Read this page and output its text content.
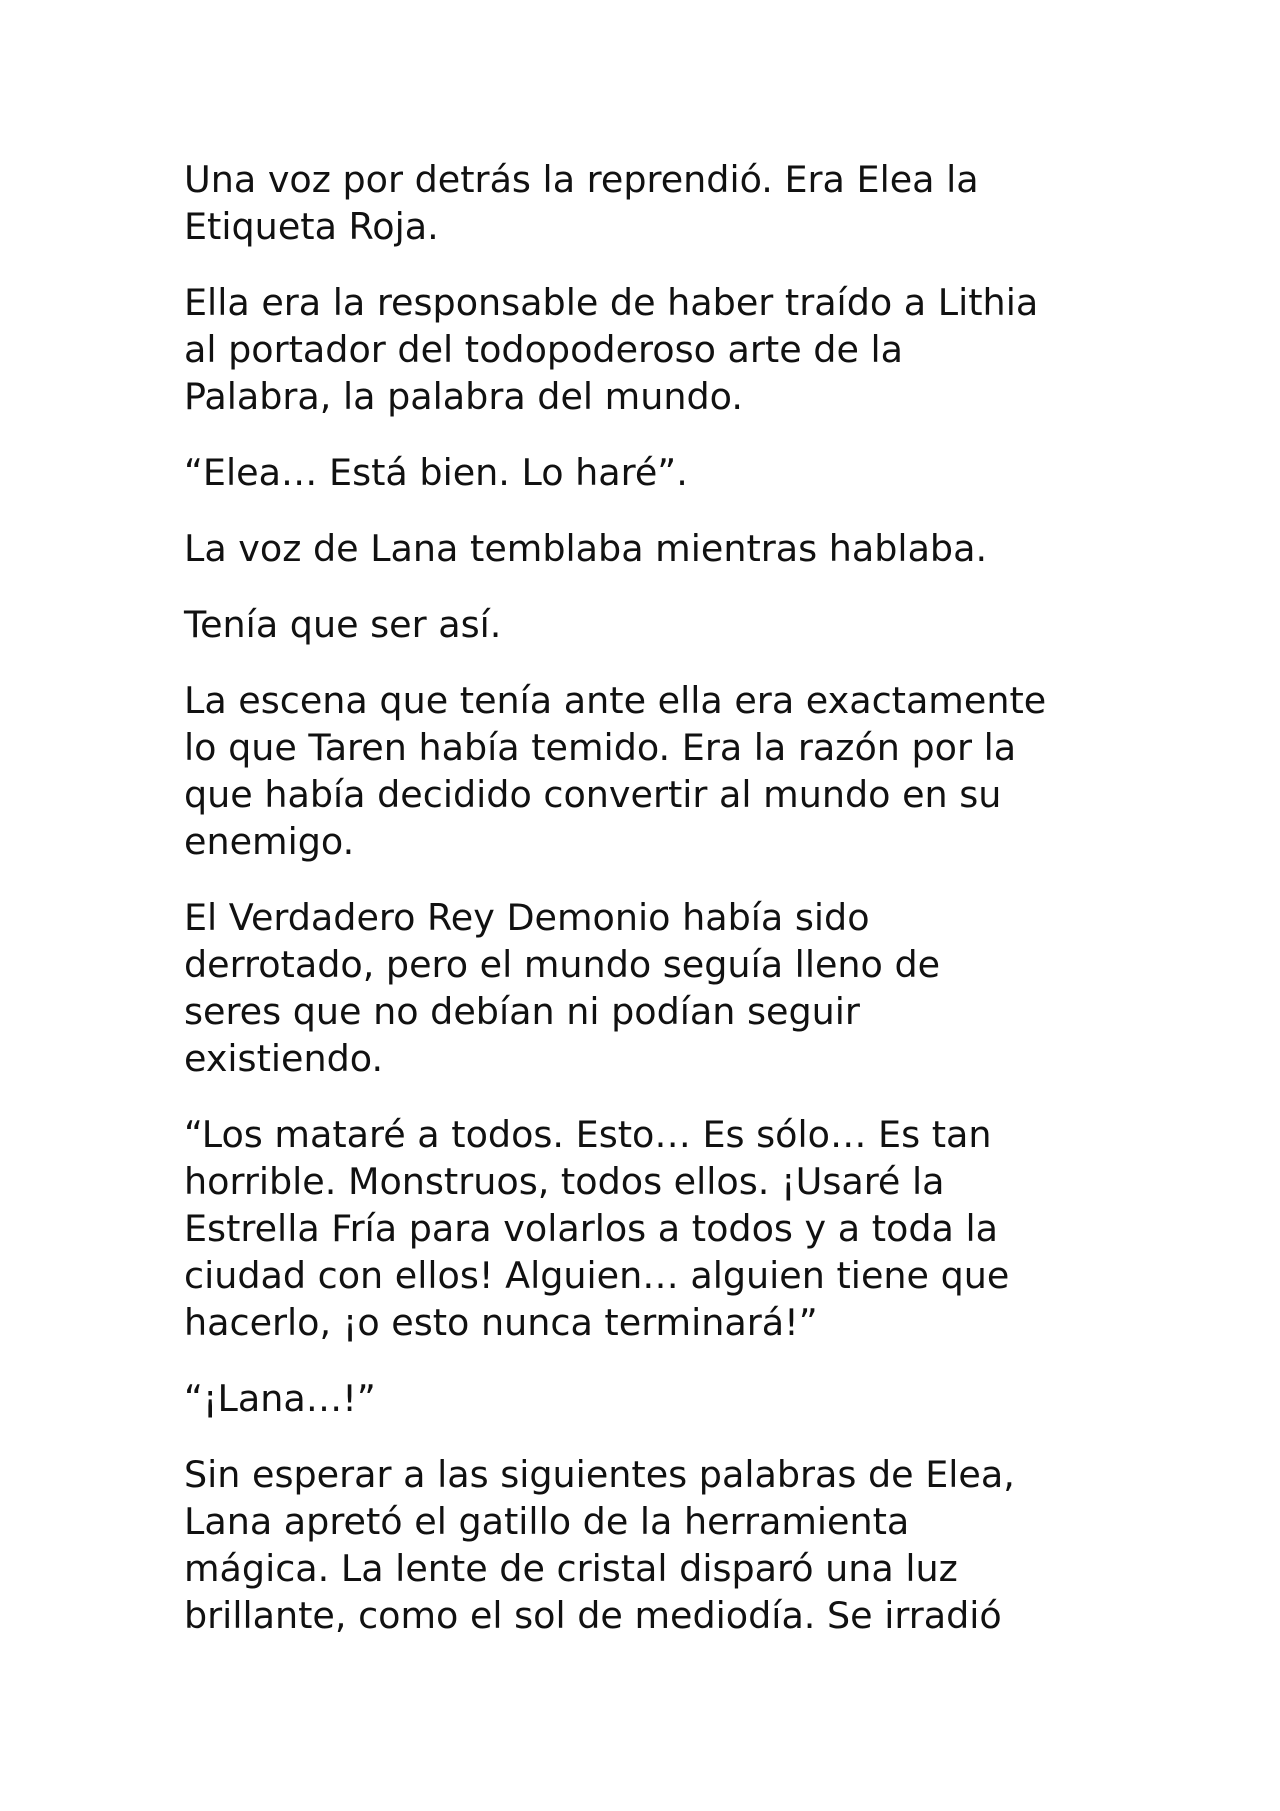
Una voz por detrás la reprendió. Era Elea la
Etiqueta Roja.

Ella era la responsable de haber traído a Lithia
al portador del todopoderoso arte de la
Palabra, la palabra del mundo.

“Elea… Está bien. Lo haré”.

La voz de Lana temblaba mientras hablaba.

Tenía que ser así.

La escena que tenía ante ella era exactamente
lo que Taren había temido. Era la razón por la
que había decidido convertir al mundo en su
enemigo.

El Verdadero Rey Demonio había sido
derrotado, pero el mundo seguía lleno de
seres que no debían ni podían seguir
existiendo.

“Los mataré a todos. Esto… Es sólo… Es tan
horrible. Monstruos, todos ellos. ¡Usaré la
Estrella Fría para volarlos a todos y a toda la
ciudad con ellos! Alguien… alguien tiene que
hacerlo, ¡o esto nunca terminará!”

“¡Lana…!”

Sin esperar a las siguientes palabras de Elea,
Lana apretó el gatillo de la herramienta
mágica. La lente de cristal disparó una luz
brillante, como el sol de mediodía. Se irradió
